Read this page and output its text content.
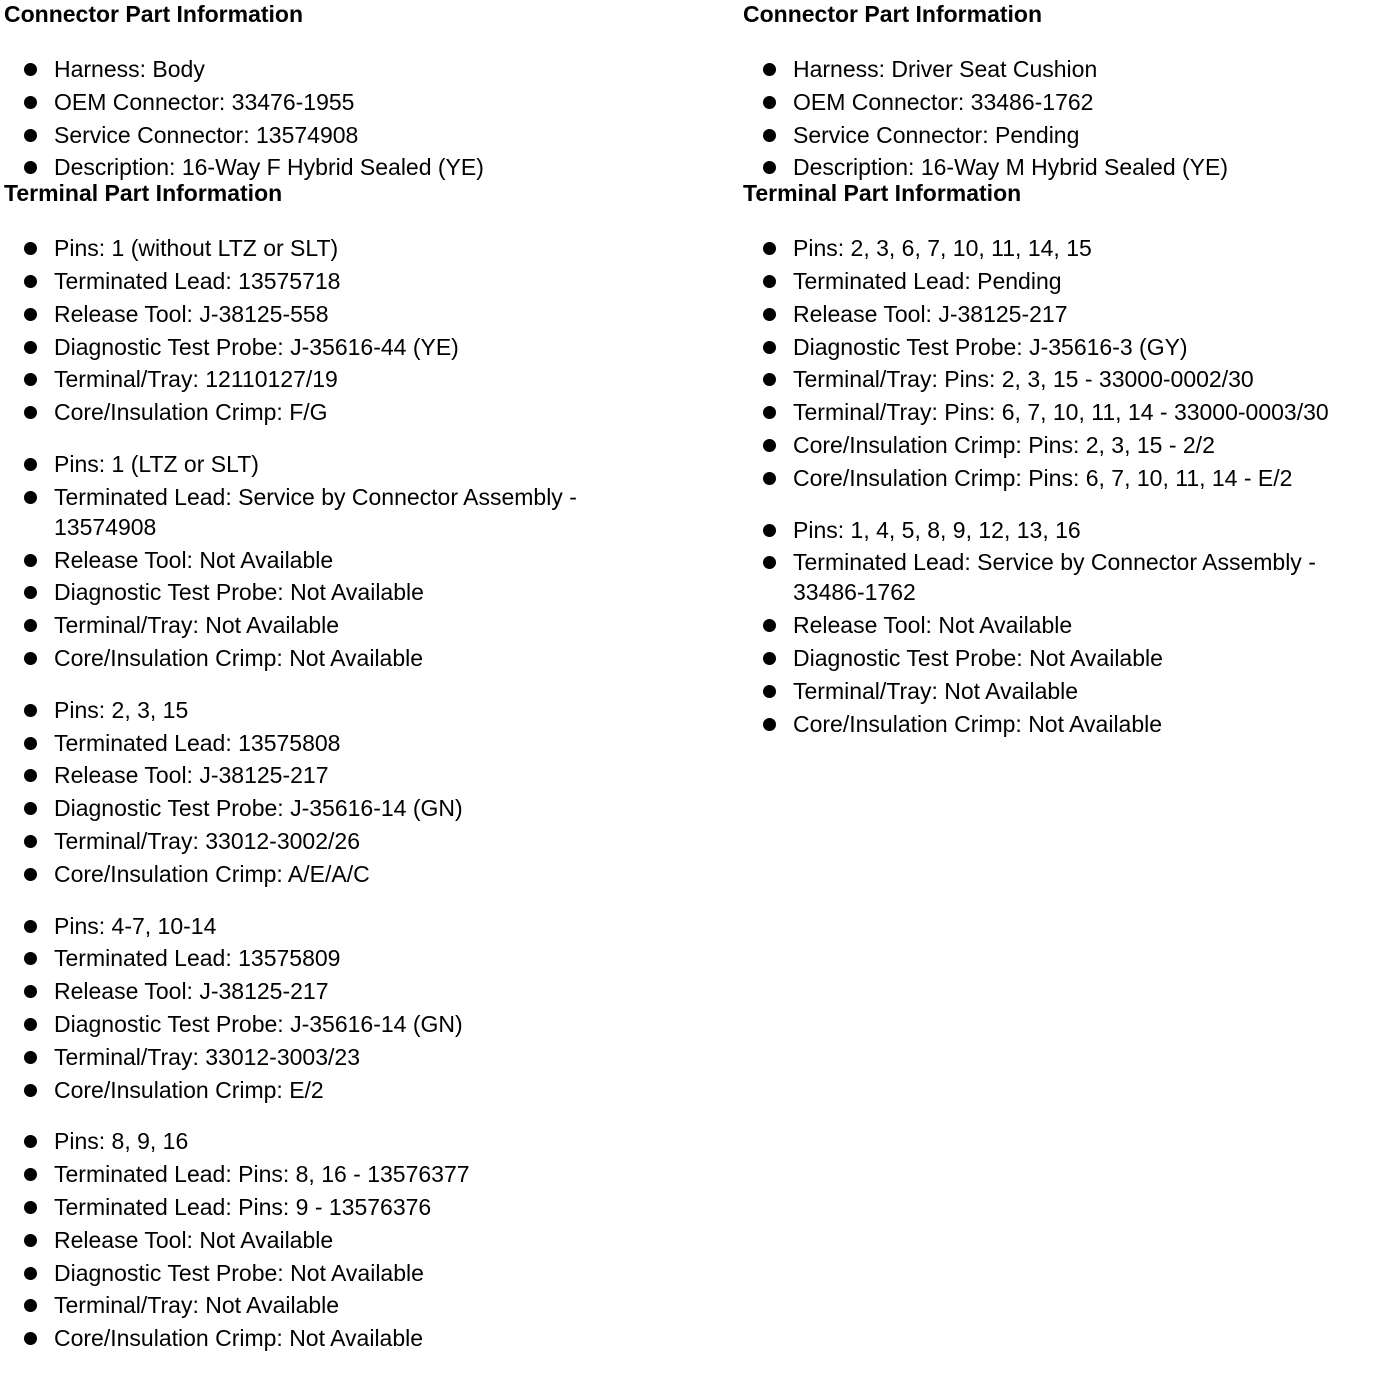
Connector Part Information
Harness: Body
OEM Connector: 33476-1955
Service Connector: 13574908
Description: 16-Way F Hybrid Sealed (YE)
Terminal Part Information
Pins: 1 (without LTZ or SLT)
Terminated Lead: 13575718
Release Tool: J-38125-558
Diagnostic Test Probe: J-35616-44 (YE)
Terminal/Tray: 12110127/19
Core/Insulation Crimp: F/G
Pins: 1 (LTZ or SLT)
Terminated Lead: Service by Connector Assembly - 13574908
Release Tool: Not Available
Diagnostic Test Probe: Not Available
Terminal/Tray: Not Available
Core/Insulation Crimp: Not Available
Pins: 2, 3, 15
Terminated Lead: 13575808
Release Tool: J-38125-217
Diagnostic Test Probe: J-35616-14 (GN)
Terminal/Tray: 33012-3002/26
Core/Insulation Crimp: A/E/A/C
Pins: 4-7, 10-14
Terminated Lead: 13575809
Release Tool: J-38125-217
Diagnostic Test Probe: J-35616-14 (GN)
Terminal/Tray: 33012-3003/23
Core/Insulation Crimp: E/2
Pins: 8, 9, 16
Terminated Lead: Pins: 8, 16 - 13576377
Terminated Lead: Pins: 9 - 13576376
Release Tool: Not Available
Diagnostic Test Probe: Not Available
Terminal/Tray: Not Available
Core/Insulation Crimp: Not Available
Connector Part Information
Harness: Driver Seat Cushion
OEM Connector: 33486-1762
Service Connector: Pending
Description: 16-Way M Hybrid Sealed (YE)
Terminal Part Information
Pins: 2, 3, 6, 7, 10, 11, 14, 15
Terminated Lead: Pending
Release Tool: J-38125-217
Diagnostic Test Probe: J-35616-3 (GY)
Terminal/Tray: Pins: 2, 3, 15 - 33000-0002/30
Terminal/Tray: Pins: 6, 7, 10, 11, 14 - 33000-0003/30
Core/Insulation Crimp: Pins: 2, 3, 15 - 2/2
Core/Insulation Crimp: Pins: 6, 7, 10, 11, 14 - E/2
Pins: 1, 4, 5, 8, 9, 12, 13, 16
Terminated Lead: Service by Connector Assembly - 33486-1762
Release Tool: Not Available
Diagnostic Test Probe: Not Available
Terminal/Tray: Not Available
Core/Insulation Crimp: Not Available
